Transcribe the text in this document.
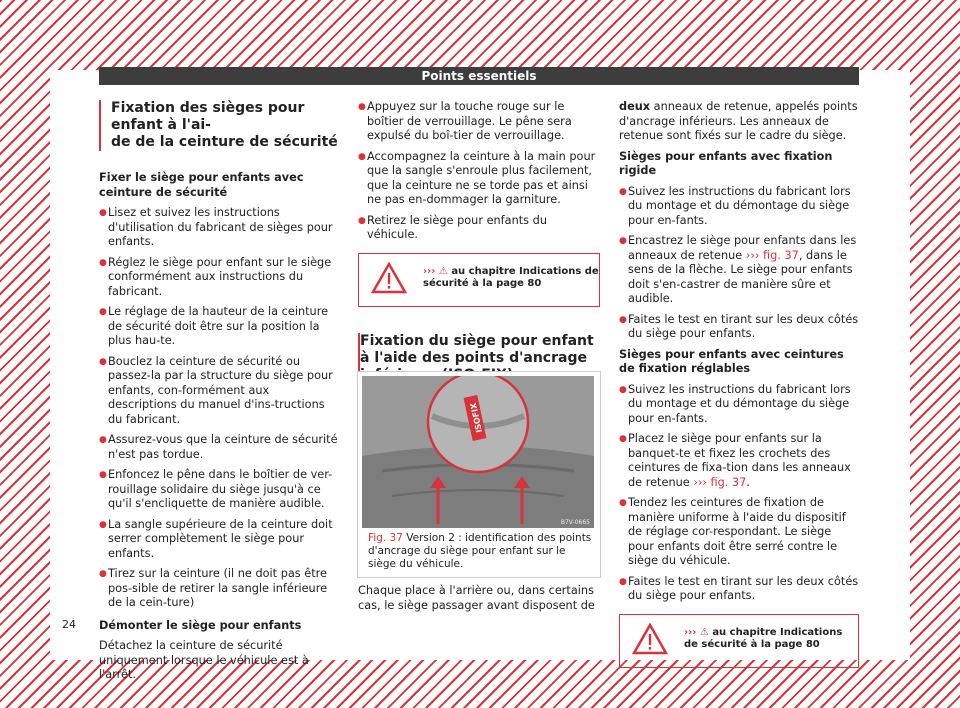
Points essentiels
Fixation des sièges pour enfant à l'ai-
de de la ceinture de sécurité

Fixer le siège pour enfants avec ceinture de sécurité

● Lisez et suivez les instructions d'utilisation du fabricant de sièges pour enfants.

● Réglez le siège pour enfant sur le siège conformément aux instructions du fabricant.

● Le réglage de la hauteur de la ceinture de sécurité doit être sur la position la plus hau-te.

● Bouclez la ceinture de sécurité ou passez-la par la structure du siège pour enfants, con-formément aux descriptions du manuel d'ins-tructions du fabricant.

● Assurez-vous que la ceinture de sécurité n'est pas tordue.

● Enfoncez le pêne dans le boîtier de ver-rouillage solidaire du siège jusqu'à ce qu'il s'encliquette de manière audible.

● La sangle supérieure de la ceinture doit serrer complètement le siège pour enfants.

● Tirez sur la ceinture (il ne doit pas être pos-sible de retirer la sangle inférieure de la cein-ture)

Démonter le siège pour enfants

Détachez la ceinture de sécurité uniquement lorsque le véhicule est à l'arrêt.

● Appuyez sur la touche rouge sur le boîtier de verrouillage. Le pêne sera expulsé du boî-tier de verrouillage.

● Accompagnez la ceinture à la main pour que la sangle s'enroule plus facilement, que la ceinture ne se torde pas et ainsi ne pas en-dommager la garniture.

● Retirez le siège pour enfants du véhicule.

››› ⚠ au chapitre Indications de sécurité à la page 80
Fixation du siège pour enfant à l'aide des points d'ancrage
ISOFIX
B7V-0665
Fig. 37 Version 2 : identification des points d'ancrage du siège pour enfant sur le siège du véhicule.

Chaque place à l'arrière ou, dans certains cas, le siège passager avant disposent de

deux anneaux de retenue, appelés points d'ancrage inférieurs. Les anneaux de retenue sont fixés sur le cadre du siège.

Sièges pour enfants avec fixation rigide

● Suivez les instructions du fabricant lors du montage et du démontage du siège pour en-fants.

● Encastrez le siège pour enfants dans les anneaux de retenue ››› fig. 37, dans le sens de la flèche. Le siège pour enfants doit s'en-castrer de manière sûre et audible.

● Faites le test en tirant sur les deux côtés du siège pour enfants.

Sièges pour enfants avec ceintures de fixation réglables

● Suivez les instructions du fabricant lors du montage et du démontage du siège pour en-fants.

● Placez le siège pour enfants sur la banquet-te et fixez les crochets des ceintures de fixa-tion dans les anneaux de retenue ››› fig. 37.

● Tendez les ceintures de fixation de manière uniforme à l'aide du dispositif de réglage cor-respondant. Le siège pour enfants doit être serré contre le siège du véhicule.

● Faites le test en tirant sur les deux côtés du siège pour enfants.

››› ⚠ au chapitre Indications de sécurité à la page 80
24
